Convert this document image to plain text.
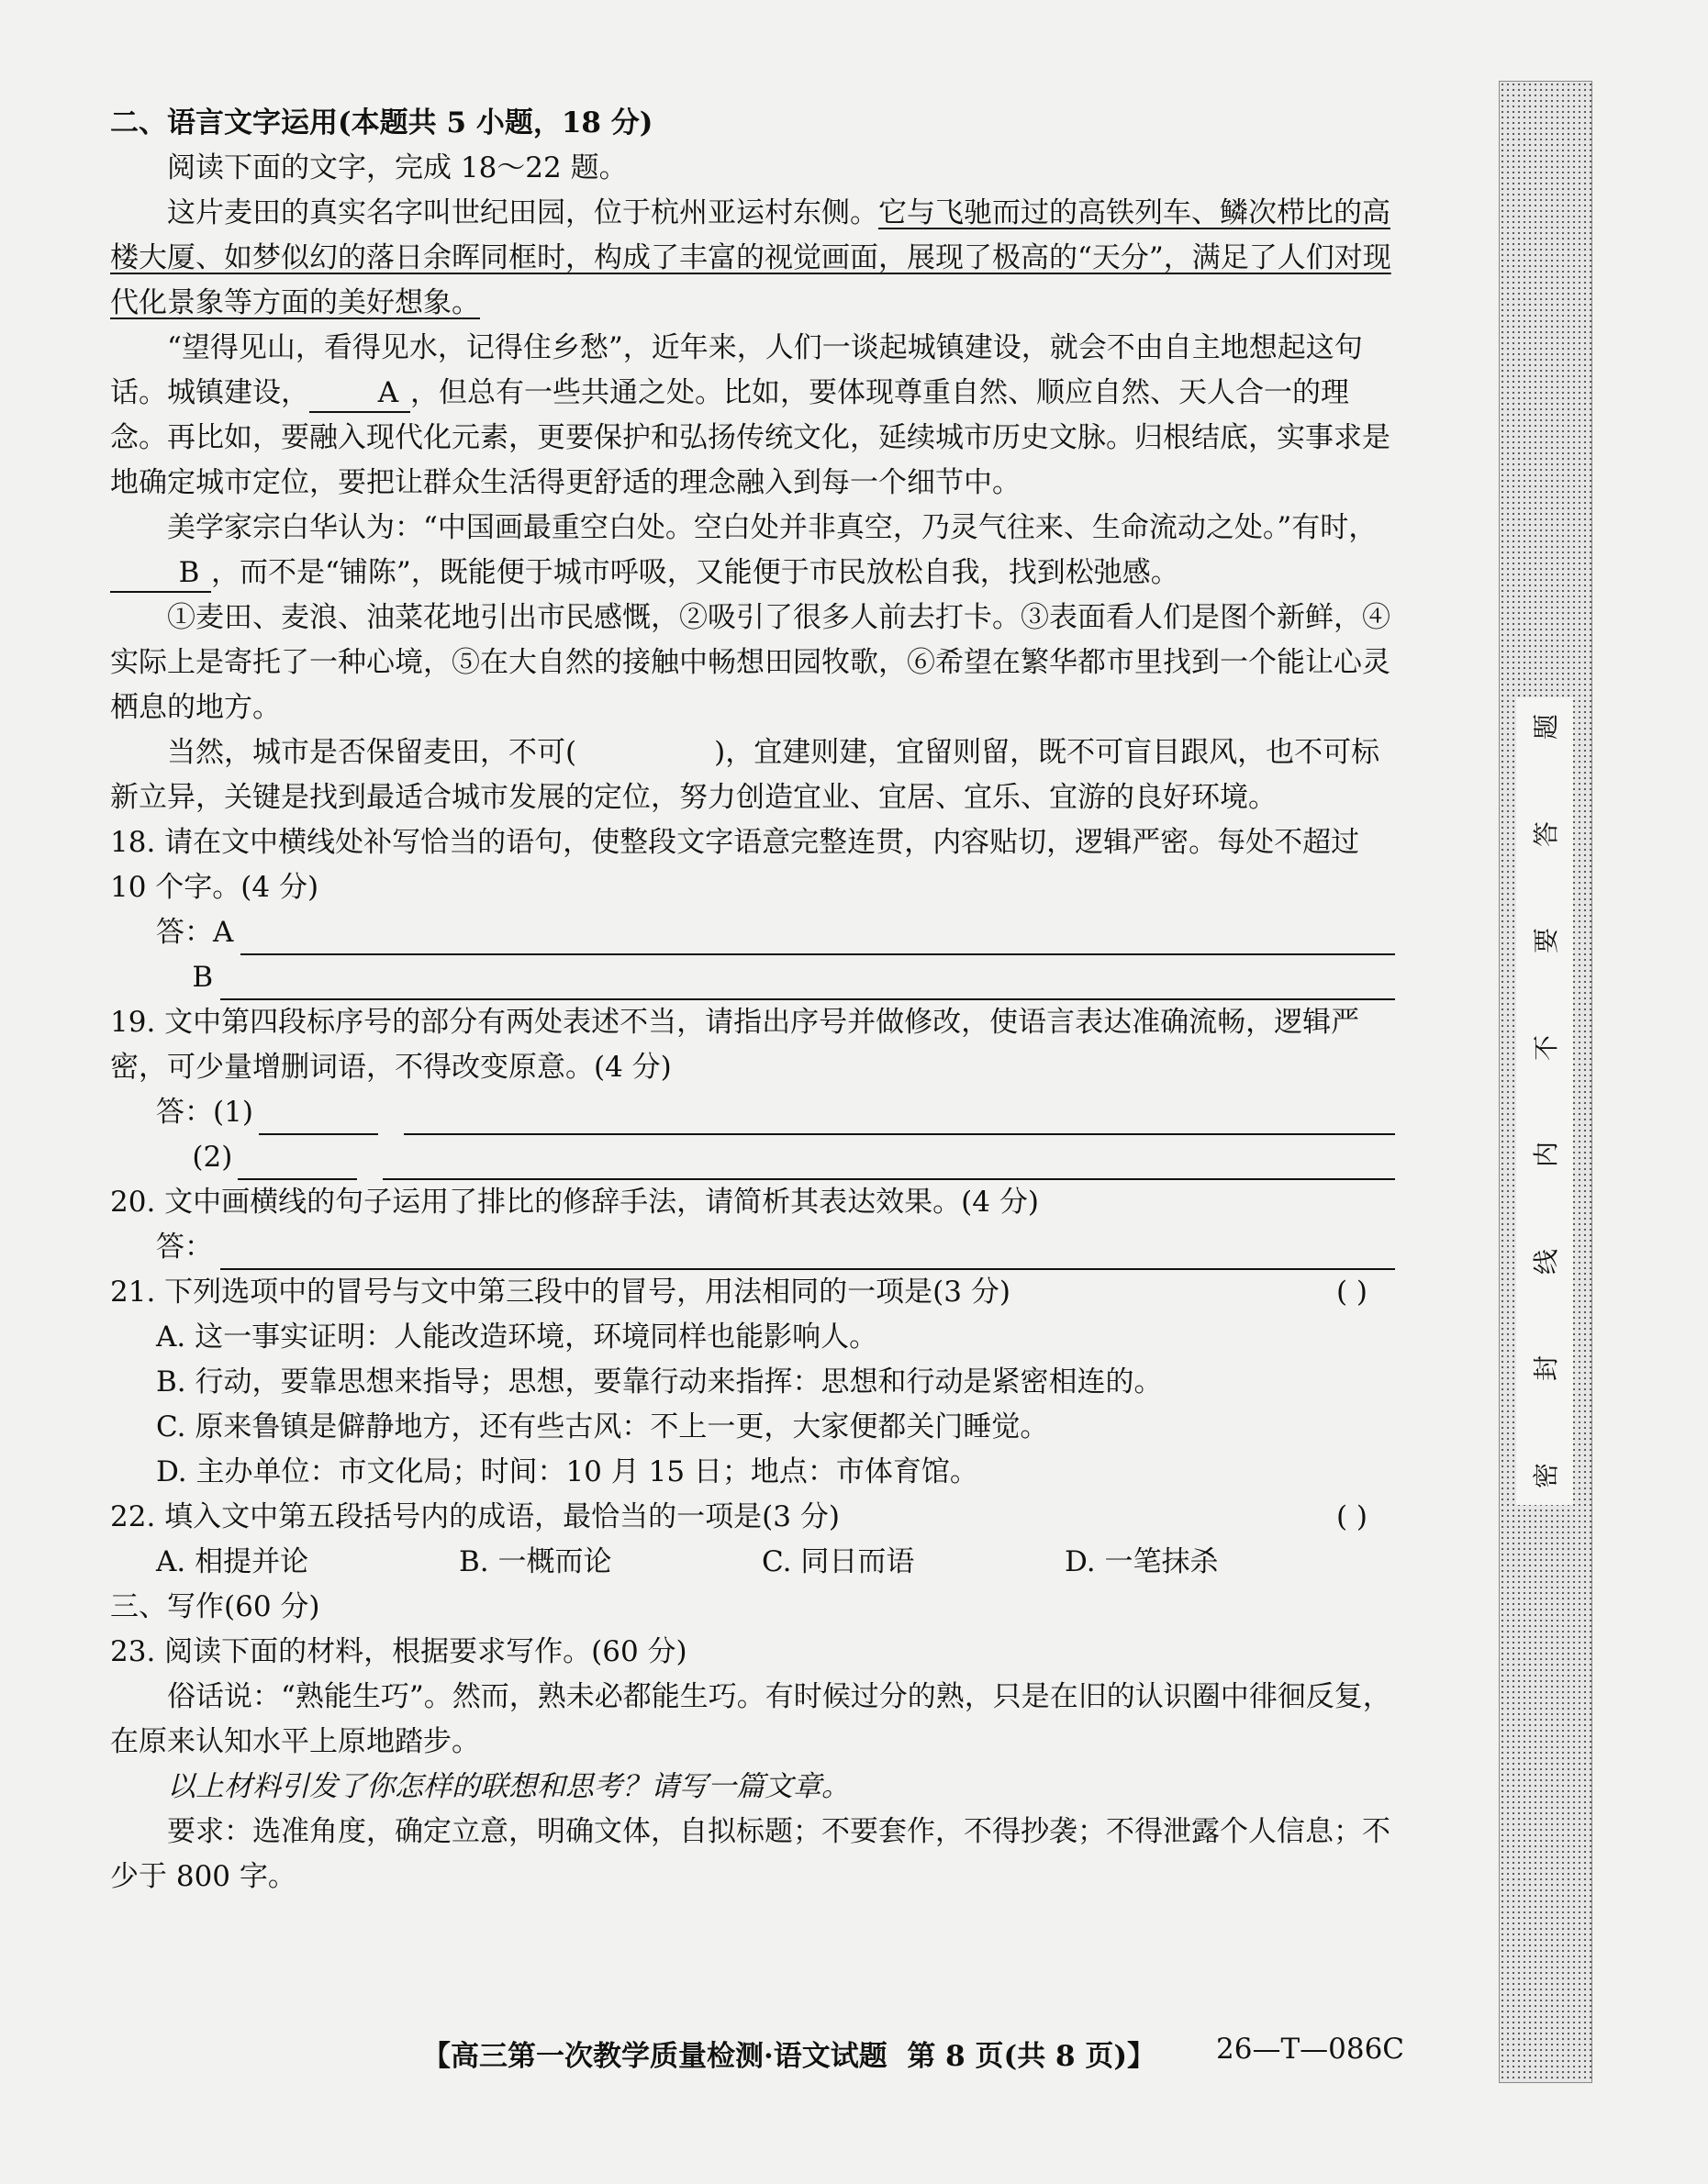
二、语言文字运用(本题共 5 小题，18 分)

阅读下面的文字，完成 18～22 题。

这片麦田的真实名字叫世纪田园，位于杭州亚运村东侧。它与飞驰而过的高铁列车、鳞次栉比的高楼大厦、如梦似幻的落日余晖同框时，构成了丰富的视觉画面，展现了极高的“天分”，满足了人们对现代化景象等方面的美好想象。

“望得见山，看得见水，记得住乡愁”，近年来，人们一谈起城镇建设，就会不由自主地想起这句话。城镇建设， A ，但总有一些共通之处。比如，要体现尊重自然、顺应自然、天人合一的理念。再比如，要融入现代化元素，更要保护和弘扬传统文化，延续城市历史文脉。归根结底，实事求是地确定城市定位，要把让群众生活得更舒适的理念融入到每一个细节中。

美学家宗白华认为：“中国画最重空白处。空白处并非真空，乃灵气往来、生命流动之处。”有时，B ，而不是“铺陈”，既能便于城市呼吸，又能便于市民放松自我，找到松弛感。

①麦田、麦浪、油菜花地引出市民感慨，②吸引了很多人前去打卡。③表面看人们是图个新鲜，④实际上是寄托了一种心境，⑤在大自然的接触中畅想田园牧歌，⑥希望在繁华都市里找到一个能让心灵栖息的地方。

当然，城市是否保留麦田，不可(	)，宜建则建，宜留则留，既不可盲目跟风，也不可标新立异，关键是找到最适合城市发展的定位，努力创造宜业、宜居、宜乐、宜游的良好环境。

18. 请在文中横线处补写恰当的语句，使整段文字语意完整连贯，内容贴切，逻辑严密。每处不超过 10 个字。(4 分)

答：A
B

19. 文中第四段标序号的部分有两处表述不当，请指出序号并做修改，使语言表达准确流畅，逻辑严密，可少量增删词语，不得改变原意。(4 分)

答：(1)
(2)

20. 文中画横线的句子运用了排比的修辞手法，请简析其表达效果。(4 分)

答：
21. 下列选项中的冒号与文中第三段中的冒号，用法相同的一项是(3 分)	( )

A. 这一事实证明：人能改造环境，环境同样也能影响人。

B. 行动，要靠思想来指导；思想，要靠行动来指挥：思想和行动是紧密相连的。

C. 原来鲁镇是僻静地方，还有些古风：不上一更，大家便都关门睡觉。

D. 主办单位：市文化局；时间：10 月 15 日；地点：市体育馆。

22. 填入文中第五段括号内的成语，最恰当的一项是(3 分)	( )
A. 相提并论	B. 一概而论	C. 同日而语	D. 一笔抹杀

三、写作(60 分)

23. 阅读下面的材料，根据要求写作。(60 分)

俗话说：“熟能生巧”。然而，熟未必都能生巧。有时候过分的熟，只是在旧的认识圈中徘徊反复，在原来认知水平上原地踏步。

以上材料引发了你怎样的联想和思考？请写一篇文章。

要求：选准角度，确定立意，明确文体，自拟标题；不要套作，不得抄袭；不得泄露个人信息；不少于 800 字。

题
答
要
不
内
线
封
密
【高三第一次教学质量检测·语文试题  第 8 页(共 8 页)】 26—T—086C
